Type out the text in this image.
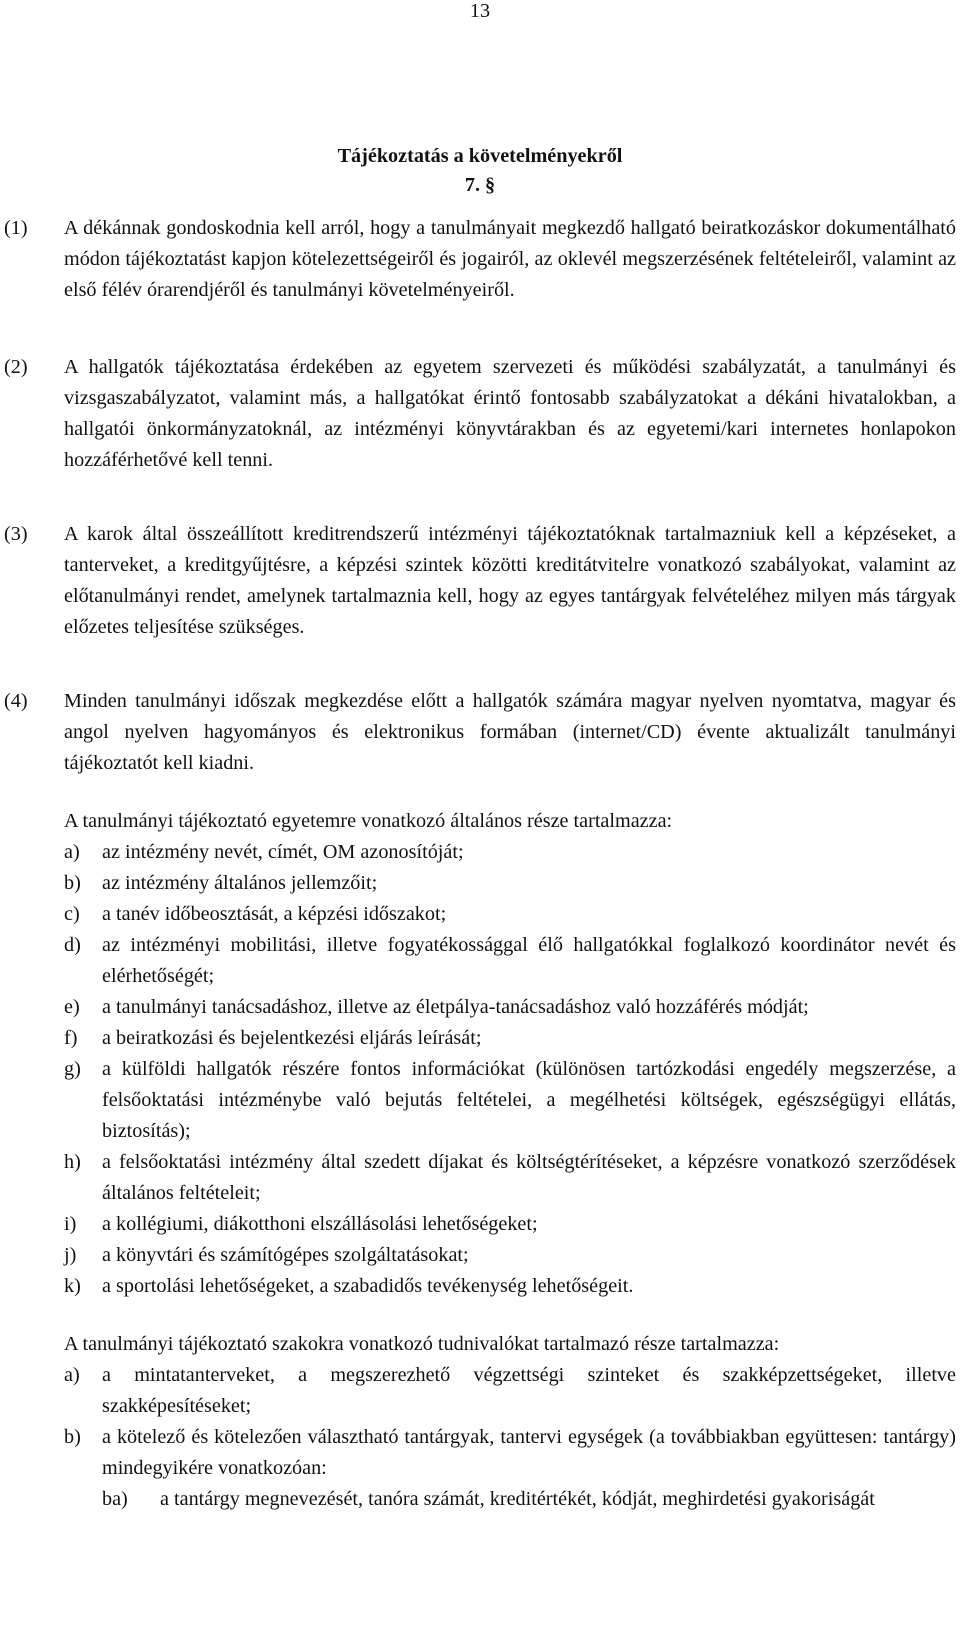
13
Tájékoztatás a követelményekről
7. §
(1) A dékánnak gondoskodnia kell arról, hogy a tanulmányait megkezdő hallgató beiratkozáskor dokumentálható módon tájékoztatást kapjon kötelezettségeiről és jogairól, az oklevél megszerzésének feltételeiről, valamint az első félév órarendjéről és tanulmányi követelményeiről.
(2) A hallgatók tájékoztatása érdekében az egyetem szervezeti és működési szabályzatát, a tanulmányi és vizsgaszabályzatot, valamint más, a hallgatókat érintő fontosabb szabályzatokat a dékáni hivatalokban, a hallgatói önkormányzatoknál, az intézményi könyvtárakban és az egyetemi/kari internetes honlapokon hozzáférhetővé kell tenni.
(3) A karok által összeállított kreditrendszerű intézményi tájékoztatóknak tartalmazniuk kell a képzéseket, a tanterveket, a kreditgyűjtésre, a képzési szintek közötti kreditátvitelre vonatkozó szabályokat, valamint az előtanulmányi rendet, amelynek tartalmaznia kell, hogy az egyes tantárgyak felvételéhez milyen más tárgyak előzetes teljesítése szükséges.
(4) Minden tanulmányi időszak megkezdése előtt a hallgatók számára magyar nyelven nyomtatva, magyar és angol nyelven hagyományos és elektronikus formában (internet/CD) évente aktualizált tanulmányi tájékoztatót kell kiadni.
A tanulmányi tájékoztató egyetemre vonatkozó általános része tartalmazza:
a) az intézmény nevét, címét, OM azonosítóját;
b) az intézmény általános jellemzőit;
c) a tanév időbeosztását, a képzési időszakot;
d) az intézményi mobilitási, illetve fogyatékossággal élő hallgatókkal foglalkozó koordinátor nevét és elérhetőségét;
e) a tanulmányi tanácsadáshoz, illetve az életpálya-tanácsadáshoz való hozzáférés módját;
f) a beiratkozási és bejelentkezési eljárás leírását;
g) a külföldi hallgatók részére fontos információkat (különösen tartózkodási engedély megszerzése, a felsőoktatási intézménybe való bejutás feltételei, a megélhetési költségek, egészségügyi ellátás, biztosítás);
h) a felsőoktatási intézmény által szedett díjakat és költségtérítéseket, a képzésre vonatkozó szerződések általános feltételeit;
i) a kollégiumi, diákotthoni elszállásolási lehetőségeket;
j) a könyvtári és számítógépes szolgáltatásokat;
k) a sportolási lehetőségeket, a szabadidős tevékenység lehetőségeit.
A tanulmányi tájékoztató szakokra vonatkozó tudnivalókat tartalmazó része tartalmazza:
a) a mintatanterveket, a megszerezhető végzettségi szinteket és szakképzettségeket, illetve szakképesítéseket;
b) a kötelező és kötelezően választható tantárgyak, tantervi egységek (a továbbiakban együttesen: tantárgy) mindegyikére vonatkozóan:
ba) a tantárgy megnevezését, tanóra számát, kreditértékét, kódját, meghirdetési gyakoriságát
